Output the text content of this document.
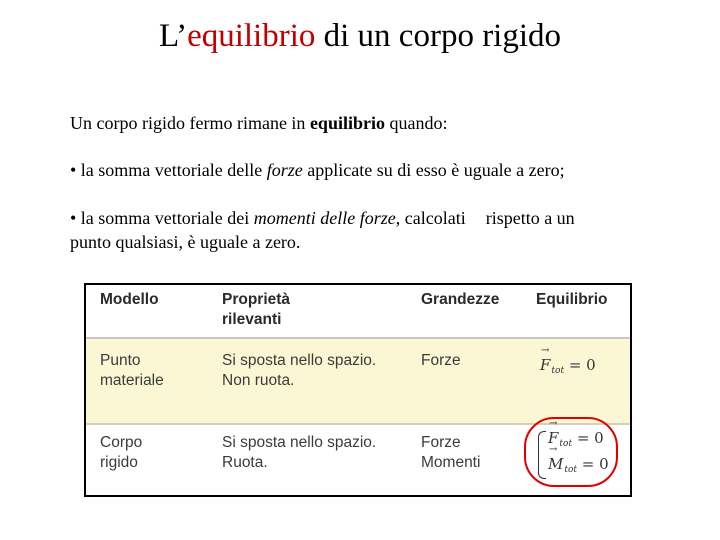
L’equilibrio di un corpo rigido
Un corpo rigido fermo rimane in equilibrio quando:
• la somma vettoriale delle forze applicate su di esso è uguale a zero;
• la somma vettoriale dei momenti delle forze, calcolati rispetto a un
punto qualsiasi, è uguale a zero.
Modello	Proprietà
rilevanti
Grandezze Equilibrio
Punto
materiale
Si sposta nello spazio.
Non ruota.
Forze
→
$F_{tot} = 0$
Corpo
rigido
Si sposta nello spazio.
Ruota.
Forze
Momenti
→
$F_{tot} = 0$
→
$M_{tot} = 0$
